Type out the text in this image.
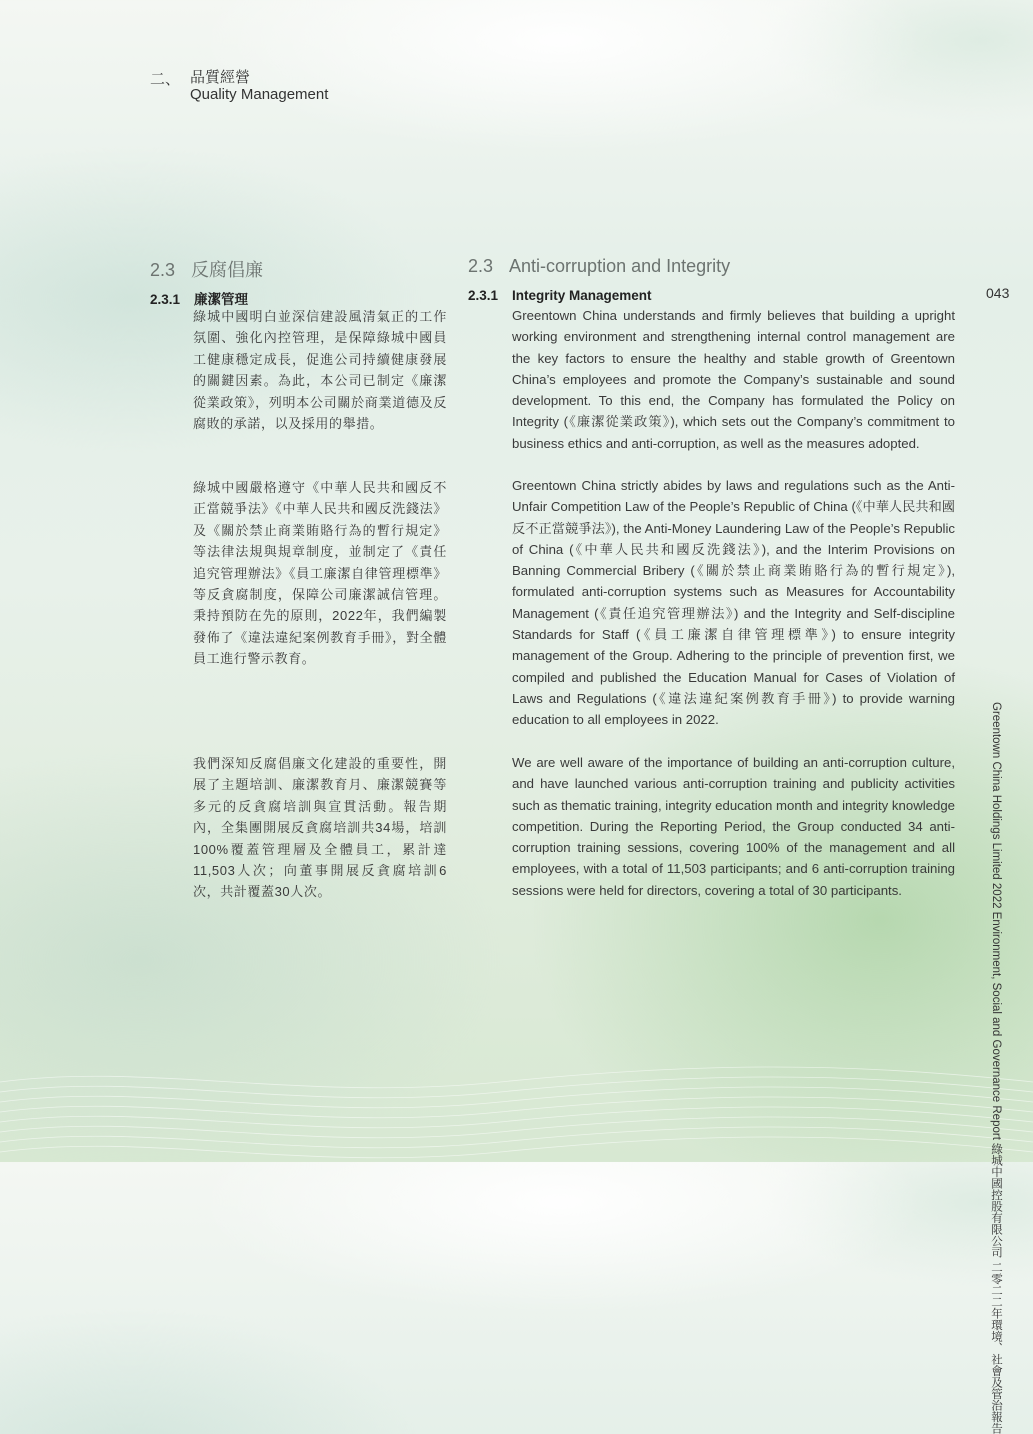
二、 品質經營
Quality Management
2.3 反腐倡廉
2.3.1 廉潔管理
綠城中國明白並深信建設風清氣正的工作氛圍、強化內控管理，是保障綠城中國員工健康穩定成長，促進公司持續健康發展的關鍵因素。為此，本公司已制定《廉潔從業政策》，列明本公司關於商業道德及反腐敗的承諾，以及採用的舉措。
綠城中國嚴格遵守《中華人民共和國反不正當競爭法》《中華人民共和國反洗錢法》及《關於禁止商業賄賂行為的暫行規定》等法律法規與規章制度，並制定了《責任追究管理辦法》《員工廉潔自律管理標準》等反貪腐制度，保障公司廉潔誠信管理。秉持預防在先的原則，2022年，我們編製發佈了《違法違紀案例教育手冊》，對全體員工進行警示教育。
我們深知反腐倡廉文化建設的重要性，開展了主題培訓、廉潔教育月、廉潔競賽等多元的反貪腐培訓與宣貫活動。報告期內，全集團開展反貪腐培訓共34場，培訓100%覆蓋管理層及全體員工，累計達11,503人次；向董事開展反貪腐培訓6次，共計覆蓋30人次。
2.3 Anti-corruption and Integrity
2.3.1 Integrity Management
Greentown China understands and firmly believes that building a upright working environment and strengthening internal control management are the key factors to ensure the healthy and stable growth of Greentown China’s employees and promote the Company’s sustainable and sound development. To this end, the Company has formulated the Policy on Integrity (《廉潔從業政策》), which sets out the Company’s commitment to business ethics and anti-corruption, as well as the measures adopted.
Greentown China strictly abides by laws and regulations such as the Anti-Unfair Competition Law of the People’s Republic of China (《中華人民共和國反不正當競爭法》), the Anti-Money Laundering Law of the People’s Republic of China (《中華人民共和國反洗錢法》), and the Interim Provisions on Banning Commercial Bribery (《關於禁止商業賄賂行為的暫行規定》), formulated anti-corruption systems such as Measures for Accountability Management (《責任追究管理辦法》) and the Integrity and Self-discipline Standards for Staff (《員工廉潔自律管理標準》) to ensure integrity management of the Group. Adhering to the principle of prevention first, we compiled and published the Education Manual for Cases of Violation of Laws and Regulations (《違法違紀案例教育手冊》) to provide warning education to all employees in 2022.
We are well aware of the importance of building an anti-corruption culture, and have launched various anti-corruption training and publicity activities such as thematic training, integrity education month and integrity knowledge competition. During the Reporting Period, the Group conducted 34 anti-corruption training sessions, covering 100% of the management and all employees, with a total of 11,503 participants; and 6 anti-corruption training sessions were held for directors, covering a total of 30 participants.
043
Greentown China Holdings Limited 2022 Environment, Social and Governance Report 綠城中國控股有限公司 二零二二年環境、社會及管治報告
